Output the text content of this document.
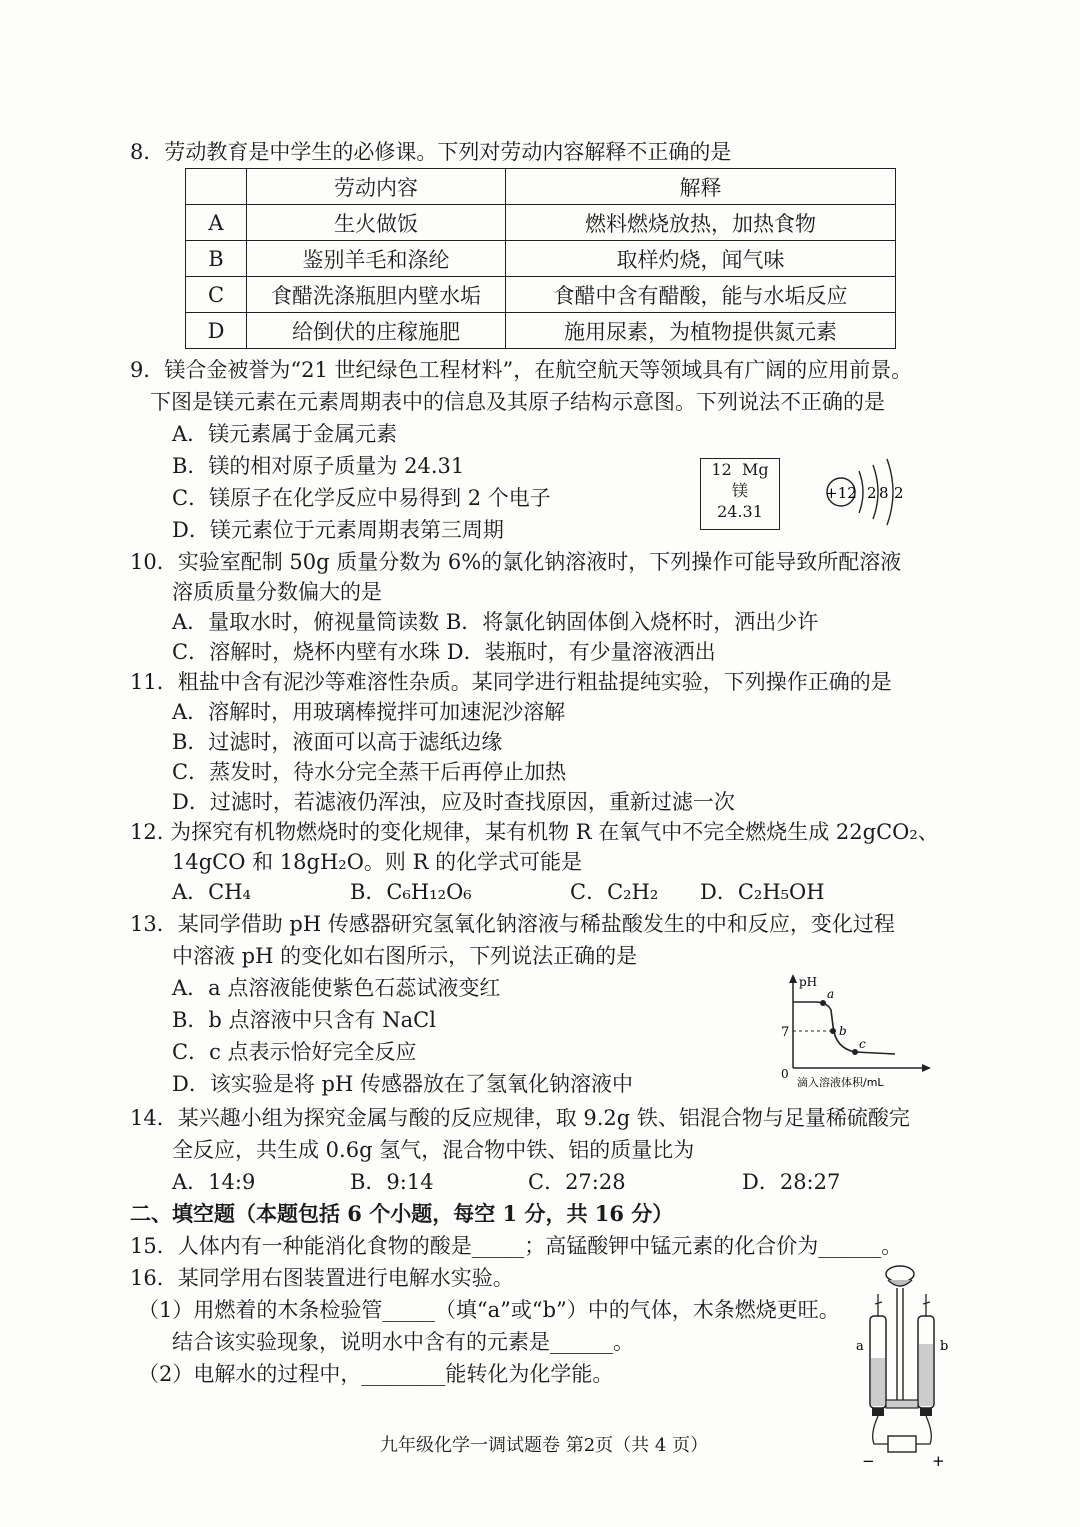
8．劳动教育是中学生的必修课。下列对劳动内容解释不正确的是
	劳动内容	解释
A	生火做饭	燃料燃烧放热，加热食物
B	鉴别羊毛和涤纶	取样灼烧，闻气味
C	食醋洗涤瓶胆内壁水垢	食醋中含有醋酸，能与水垢反应
D	给倒伏的庄稼施肥	施用尿素，为植物提供氮元素
9．镁合金被誉为“21 世纪绿色工程材料”，在航空航天等领域具有广阔的应用前景。
下图是镁元素在元素周期表中的信息及其原子结构示意图。下列说法不正确的是
A．镁元素属于金属元素
B．镁的相对原子质量为 24.31
C．镁原子在化学反应中易得到 2 个电子
D．镁元素位于元素周期表第三周期
12 Mg
镁
24.31
+12 2 8 2
10．实验室配制 50g 质量分数为 6%的氯化钠溶液时，下列操作可能导致所配溶液
溶质质量分数偏大的是
A．量取水时，俯视量筒读数 B．将氯化钠固体倒入烧杯时，洒出少许
C．溶解时，烧杯内壁有水珠 D．装瓶时，有少量溶液洒出
11．粗盐中含有泥沙等难溶性杂质。某同学进行粗盐提纯实验，下列操作正确的是
A．溶解时，用玻璃棒搅拌可加速泥沙溶解
B．过滤时，液面可以高于滤纸边缘
C．蒸发时，待水分完全蒸干后再停止加热
D．过滤时，若滤液仍浑浊，应及时查找原因，重新过滤一次
12. 为探究有机物燃烧时的变化规律，某有机物 R 在氧气中不完全燃烧生成 22gCO₂、
14gCO 和 18gH₂O。则 R 的化学式可能是
A．CH₄	B．C₆H₁₂O₆	C．C₂H₂ D．C₂H₅OH
13．某同学借助 pH 传感器研究氢氧化钠溶液与稀盐酸发生的中和反应，变化过程
中溶液 pH 的变化如右图所示，下列说法正确的是
A．a 点溶液能使紫色石蕊试液变红
B．b 点溶液中只含有 NaCl
C．c 点表示恰好完全反应
D．该实验是将 pH 传感器放在了氢氧化钠溶液中
pH
7
0
a
b
c
滴入溶液体积/mL
14．某兴趣小组为探究金属与酸的反应规律，取 9.2g 铁、铝混合物与足量稀硫酸完
全反应，共生成 0.6g 氢气，混合物中铁、铝的质量比为
A．14:9	B．9:14	C．27:28	D．28:27
二、填空题（本题包括 6 个小题，每空 1 分，共 16 分）
15．人体内有一种能消化食物的酸是_____；高锰酸钾中锰元素的化合价为______。
16．某同学用右图装置进行电解水实验。
（1）用燃着的木条检验管_____（填“a”或“b”）中的气体，木条燃烧更旺。
结合该实验现象，说明水中含有的元素是______。
（2）电解水的过程中，________能转化为化学能。
a	b
−	+
九年级化学一调试题卷 第2页（共 4 页）
